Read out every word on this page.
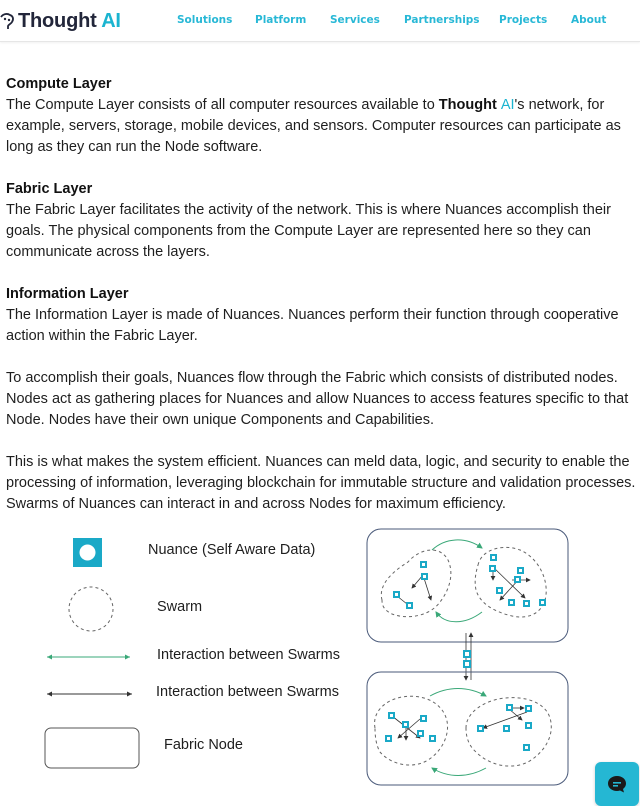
Thought AI	Solutions Platform Services Partnerships Projects About
Compute Layer

The Compute Layer consists of all computer resources available to Thought AI's network, for example, servers, storage, mobile devices, and sensors. Computer resources can participate as long as they can run the Node software.

Fabric Layer

The Fabric Layer facilitates the activity of the network. This is where Nuances accomplish their goals. The physical components from the Compute Layer are represented here so they can communicate across the layers.

Information Layer

The Information Layer is made of Nuances. Nuances perform their function through cooperative action within the Fabric Layer.

To accomplish their goals, Nuances flow through the Fabric which consists of distributed nodes. Nodes act as gathering places for Nuances and allow Nuances to access features specific to that Node. Nodes have their own unique Components and Capabilities.

This is what makes the system efficient. Nuances can meld data, logic, and security to enable the processing of information, leveraging blockchain for immutable structure and validation processes. Swarms of Nuances can interact in and across Nodes for maximum efficiency.

Nuance (Self Aware Data)
Swarm
Interaction between Swarms
Interaction between Swarms
Fabric Node
